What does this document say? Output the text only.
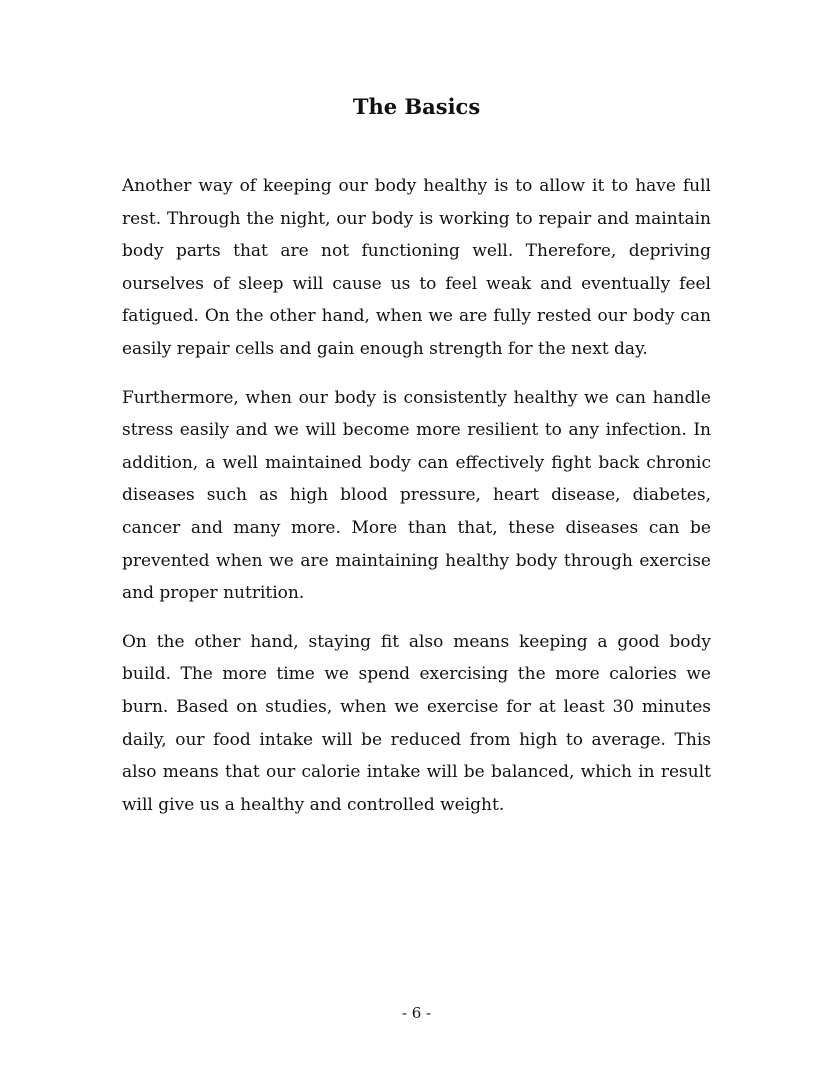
The Basics

Another way of keeping our body healthy is to allow it to have full rest. Through the night, our body is working to repair and maintain body parts that are not functioning well. Therefore, depriving ourselves of sleep will cause us to feel weak and eventually feel fatigued. On the other hand, when we are fully rested our body can easily repair cells and gain enough strength for the next day.

Furthermore, when our body is consistently healthy we can handle stress easily and we will become more resilient to any infection. In addition, a well maintained body can effectively fight back chronic diseases such as high blood pressure, heart disease, diabetes, cancer and many more. More than that, these diseases can be prevented when we are maintaining healthy body through exercise and proper nutrition.

On the other hand, staying fit also means keeping a good body build. The more time we spend exercising the more calories we burn. Based on studies, when we exercise for at least 30 minutes daily, our food intake will be reduced from high to average. This also means that our calorie intake will be balanced, which in result will give us a healthy and controlled weight.

- 6 -
